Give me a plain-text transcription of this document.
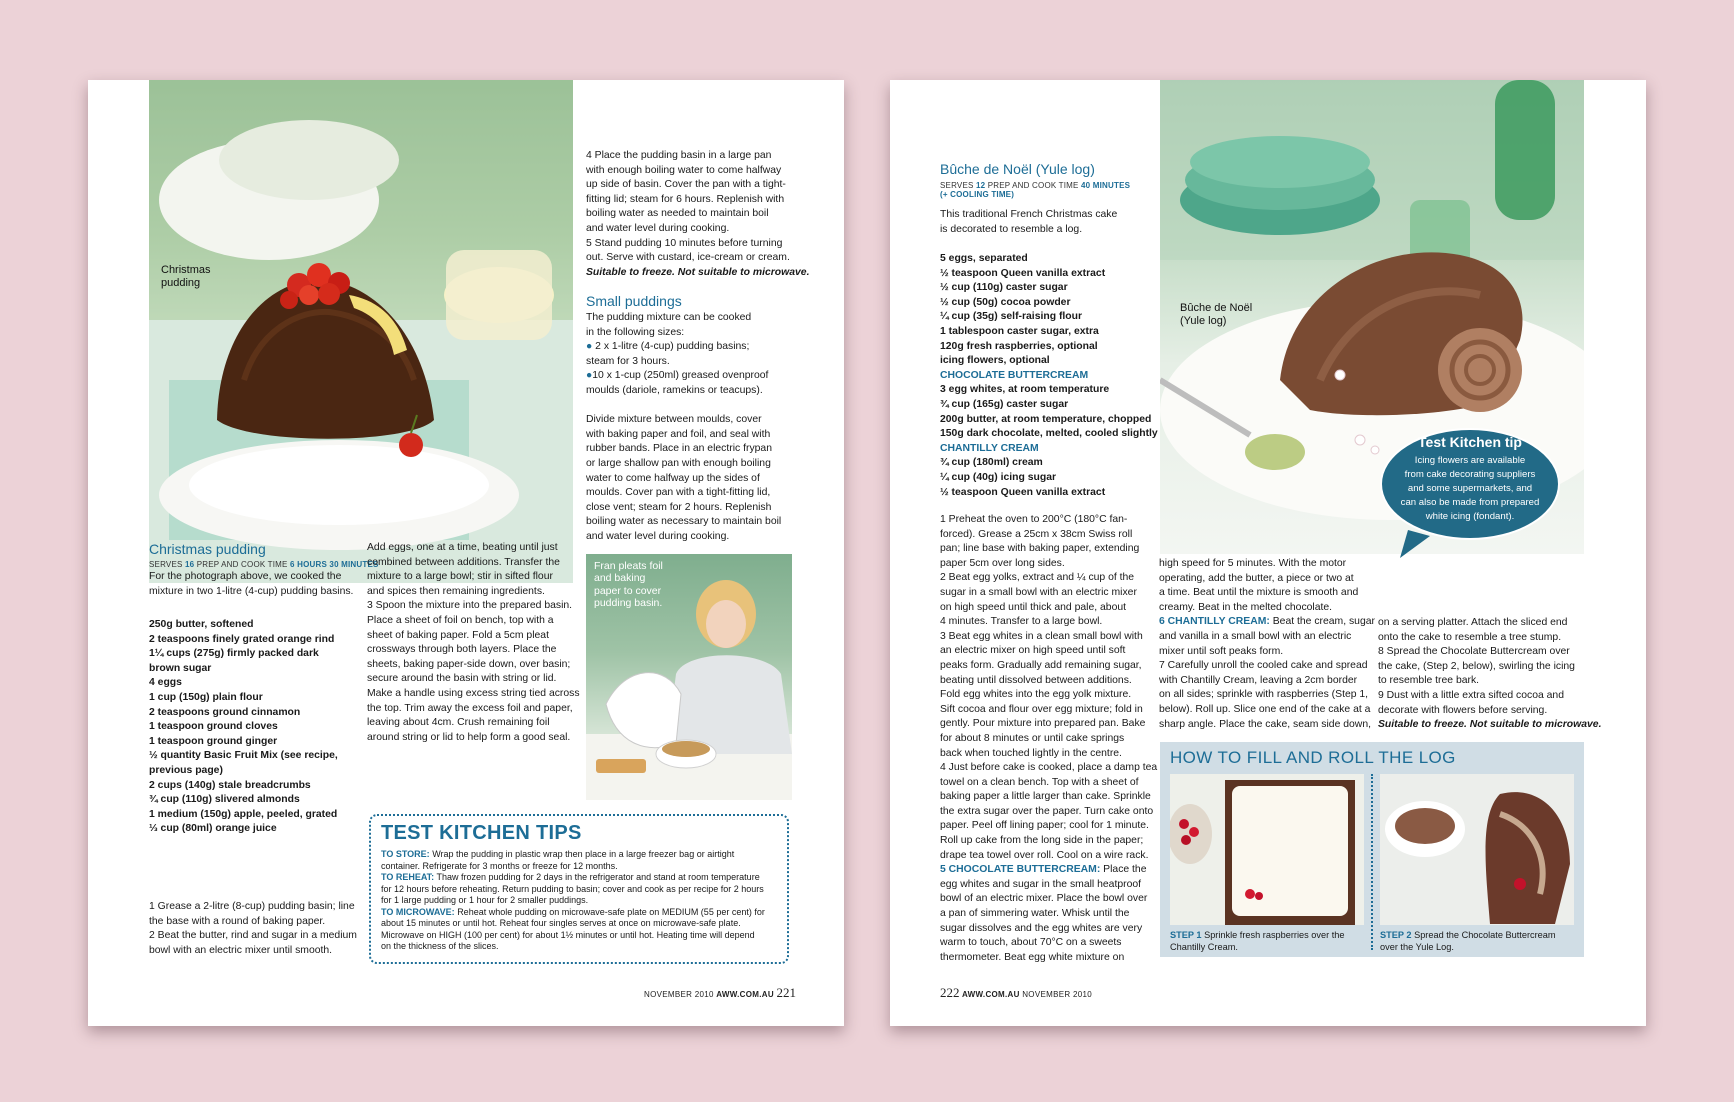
Christmas
pudding
Christmas pudding
SERVES 16 PREP AND COOK TIME 6 HOURS 30 MINUTES
For the photograph above, we cooked the
mixture in two 1-litre (4-cup) pudding basins.
250g butter, softened
2 teaspoons finely grated orange rind
1¼ cups (275g) firmly packed dark
brown sugar
4 eggs
1 cup (150g) plain flour
2 teaspoons ground cinnamon
1 teaspoon ground cloves
1 teaspoon ground ginger
½ quantity Basic Fruit Mix (see recipe,
previous page)
2 cups (140g) stale breadcrumbs
¾ cup (110g) slivered almonds
1 medium (150g) apple, peeled, grated
⅓ cup (80ml) orange juice
1 Grease a 2-litre (8-cup) pudding basin; line
the base with a round of baking paper.
2 Beat the butter, rind and sugar in a medium
bowl with an electric mixer until smooth.
Add eggs, one at a time, beating until just
combined between additions. Transfer the
mixture to a large bowl; stir in sifted flour
and spices then remaining ingredients.
3 Spoon the mixture into the prepared basin.
Place a sheet of foil on bench, top with a
sheet of baking paper. Fold a 5cm pleat
crossways through both layers. Place the
sheets, baking paper-side down, over basin;
secure around the basin with string or lid.
Make a handle using excess string tied across
the top. Trim away the excess foil and paper,
leaving about 4cm. Crush remaining foil
around string or lid to help form a good seal.
4 Place the pudding basin in a large pan
with enough boiling water to come halfway
up side of basin. Cover the pan with a tight-
fitting lid; steam for 6 hours. Replenish with
boiling water as needed to maintain boil
and water level during cooking.
5 Stand pudding 10 minutes before turning
out. Serve with custard, ice-cream or cream.
Suitable to freeze. Not suitable to microwave.
Small puddings
The pudding mixture can be cooked
in the following sizes:
● 2 x 1-litre (4-cup) pudding basins;
steam for 3 hours.
●10 x 1-cup (250ml) greased ovenproof
moulds (dariole, ramekins or teacups).
Divide mixture between moulds, cover
with baking paper and foil, and seal with
rubber bands. Place in an electric frypan
or large shallow pan with enough boiling
water to come halfway up the sides of
moulds. Cover pan with a tight-fitting lid,
close vent; steam for 2 hours. Replenish
boiling water as necessary to maintain boil
and water level during cooking.
Fran pleats foil
and baking
paper to cover
pudding basin.
TEST KITCHEN TIPS
TO STORE: Wrap the pudding in plastic wrap then place in a large freezer bag or airtight
container. Refrigerate for 3 months or freeze for 12 months.
TO REHEAT: Thaw frozen pudding for 2 days in the refrigerator and stand at room temperature
for 12 hours before reheating. Return pudding to basin; cover and cook as per recipe for 2 hours
for 1 large pudding or 1 hour for 2 smaller puddings.
TO MICROWAVE: Reheat whole pudding on microwave-safe plate on MEDIUM (55 per cent) for
about 15 minutes or until hot. Reheat four singles serves at once on microwave-safe plate.
Microwave on HIGH (100 per cent) for about 1½ minutes or until hot. Heating time will depend
on the thickness of the slices.
NOVEMBER 2010 AWW.COM.AU 221
Bûche de Noël (Yule log)
SERVES 12 PREP AND COOK TIME 40 MINUTES
(+ COOLING TIME)
This traditional French Christmas cake
is decorated to resemble a log.
5 eggs, separated
½ teaspoon Queen vanilla extract
½ cup (110g) caster sugar
½ cup (50g) cocoa powder
¼ cup (35g) self-raising flour
1 tablespoon caster sugar, extra
120g fresh raspberries, optional
icing flowers, optional
CHOCOLATE BUTTERCREAM
3 egg whites, at room temperature
¾ cup (165g) caster sugar
200g butter, at room temperature, chopped
150g dark chocolate, melted, cooled slightly
CHANTILLY CREAM
¾ cup (180ml) cream
¼ cup (40g) icing sugar
½ teaspoon Queen vanilla extract
1 Preheat the oven to 200°C (180°C fan-
forced). Grease a 25cm x 38cm Swiss roll
pan; line base with baking paper, extending
paper 5cm over long sides.
2 Beat egg yolks, extract and ¼ cup of the
sugar in a small bowl with an electric mixer
on high speed until thick and pale, about
4 minutes. Transfer to a large bowl.
3 Beat egg whites in a clean small bowl with
an electric mixer on high speed until soft
peaks form. Gradually add remaining sugar,
beating until dissolved between additions.
Fold egg whites into the egg yolk mixture.
Sift cocoa and flour over egg mixture; fold in
gently. Pour mixture into prepared pan. Bake
for about 8 minutes or until cake springs
back when touched lightly in the centre.
4 Just before cake is cooked, place a damp tea
towel on a clean bench. Top with a sheet of
baking paper a little larger than cake. Sprinkle
the extra sugar over the paper. Turn cake onto
paper. Peel off lining paper; cool for 1 minute.
Roll up cake from the long side in the paper;
drape tea towel over roll. Cool on a wire rack.
5 CHOCOLATE BUTTERCREAM: Place the
egg whites and sugar in the small heatproof
bowl of an electric mixer. Place the bowl over
a pan of simmering water. Whisk until the
sugar dissolves and the egg whites are very
warm to touch, about 70°C on a sweets
thermometer. Beat egg white mixture on
high speed for 5 minutes. With the motor
operating, add the butter, a piece or two at
a time. Beat until the mixture is smooth and
creamy. Beat in the melted chocolate.
6 CHANTILLY CREAM: Beat the cream, sugar
and vanilla in a small bowl with an electric
mixer until soft peaks form.
7 Carefully unroll the cooled cake and spread
with Chantilly Cream, leaving a 2cm border
on all sides; sprinkle with raspberries (Step 1,
below). Roll up. Slice one end of the cake at a
sharp angle. Place the cake, seam side down,
on a serving platter. Attach the sliced end
onto the cake to resemble a tree stump.
8 Spread the Chocolate Buttercream over
the cake, (Step 2, below), swirling the icing
to resemble tree bark.
9 Dust with a little extra sifted cocoa and
decorate with flowers before serving.
Suitable to freeze. Not suitable to microwave.
Bûche de Noël
(Yule log)
Test Kitchen tip
Icing flowers are available
from cake decorating suppliers
and some supermarkets, and
can also be made from prepared
white icing (fondant).
HOW TO FILL AND ROLL THE LOG
STEP 1 Sprinkle fresh raspberries over the
Chantilly Cream.
STEP 2 Spread the Chocolate Buttercream
over the Yule Log.
222 AWW.COM.AU NOVEMBER 2010
